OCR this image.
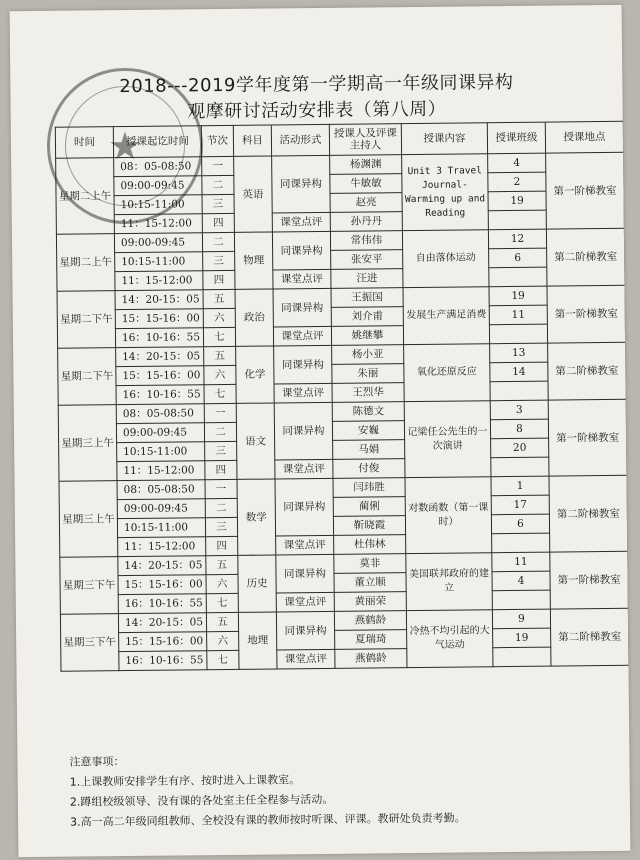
★
2018---2019学年度第一学期高一年级同课异构
观摩研讨活动安排表（第八周）
时间	授课起讫时间	节次	科目	活动形式	授课人及评课主持人	授课内容	授课班级	授课地点
星期二上午	08：05-08:50	一	英语	同课异构	杨渊渊	Unit 3 Travel Journal-Warming up and Reading	4	第一阶梯教室
	09:00-09:45	二			牛敏敏		2	
	10:15-11:00	三			赵亮		19	
	11：15-12:00	四		课堂点评	孙丹丹			
星期二上午	09:00-09:45	二	物理	同课异构	常伟伟	自由落体运动	12	第二阶梯教室
	10:15-11:00	三			张安平		6	
	11：15-12:00	四		课堂点评	汪进			
星期二下午	14：20-15：05	五	政治	同课异构	王振国	发展生产满足消费	19	第一阶梯教室
	15：15-16：00	六			刘介甫		11	
	16：10-16：55	七		课堂点评	姚继攀			
星期二下午	14：20-15：05	五	化学	同课异构	杨小亚	氧化还原反应	13	第二阶梯教室
	15：15-16：00	六			朱丽		14	
	16：10-16：55	七		课堂点评	王烈华			
星期三上午	08：05-08:50	一	语文	同课异构	陈德文	记梁任公先生的一次演讲	3	第一阶梯教室
	09:00-09:45	二			安巍		8	
	10:15-11:00	三			马娟		20	
	11：15-12:00	四		课堂点评	付俊			
星期三上午	08：05-08:50	一	数学	同课异构	闫玮胜	对数函数（第一课时）	1	第二阶梯教室
	09:00-09:45	二			蔺俐		17	
	10:15-11:00	三			靳晓霞		6	
	11：15-12:00	四		课堂点评	杜伟林			
星期三下午	14：20-15：05	五	历史	同课异构	莫非	美国联邦政府的建立	11	第一阶梯教室
	15：15-16：00	六			董立顺		4	
	16：10-16：55	七		课堂点评	黄丽荣			
星期三下午	14：20-15：05	五	地理	同课异构	燕鹤龄	冷热不均引起的大气运动	9	第二阶梯教室
	15：15-16：00	六			夏瑞琦		19	
	16：10-16：55	七		课堂点评	燕鹤龄			
注意事项：
1.上课教师安排学生有序、按时进入上课教室。
2.蹲组校级领导、没有课的各处室主任全程参与活动。
3.高一高二年级同组教师、全校没有课的教师按时听课、评课。教研处负责考勤。
